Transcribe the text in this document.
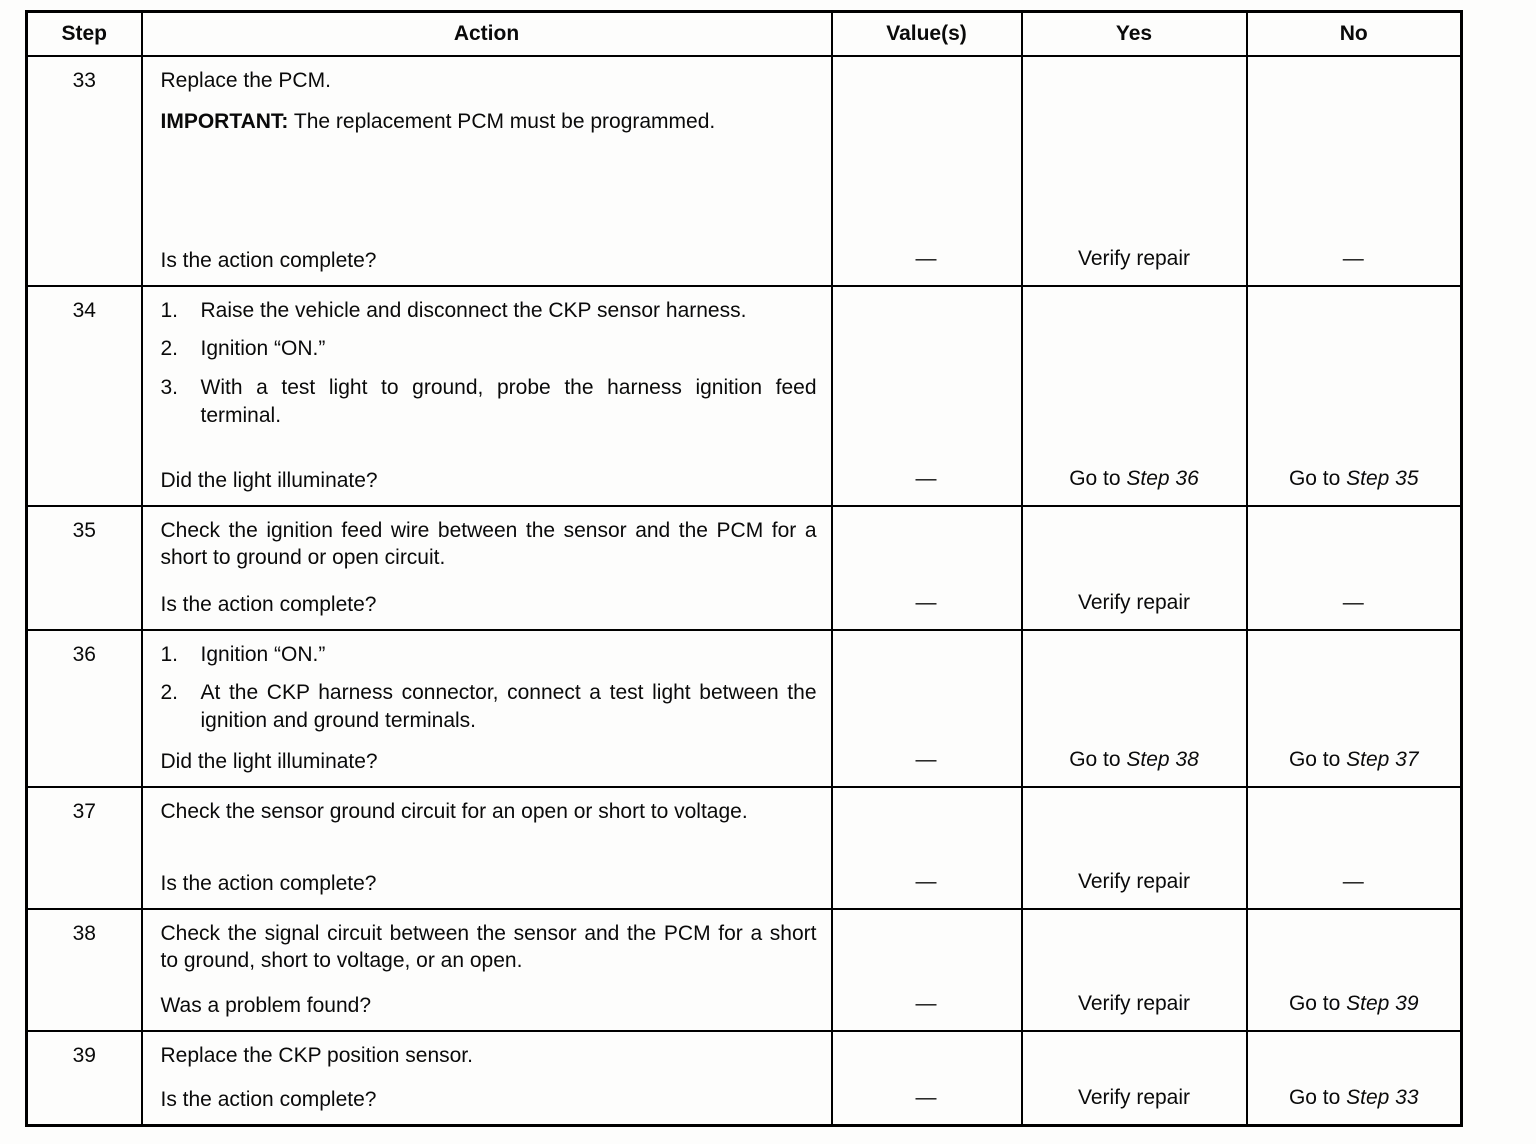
Step	Action	Value(s)	Yes	No
33	Replace the PCM.
IMPORTANT: The replacement PCM must be programmed.
Is the action complete?	—	Verify repair	—
34	1.	Raise the vehicle and disconnect the CKP sensor harness.
2.	Ignition “ON.”
3.	With a test light to ground, probe the harness ignition feed terminal.
Did the light illuminate?	—	Go to Step 36	Go to Step 35
35	Check the ignition feed wire between the sensor and the PCM for a short to ground or open circuit.
Is the action complete?	—	Verify repair	—
36	1. Ignition “ON.”
2. At the CKP harness connector, connect a test light between the ignition and ground terminals.
Did the light illuminate?	—	Go to Step 38	Go to Step 37
37	Check the sensor ground circuit for an open or short to voltage.
Is the action complete?	—	Verify repair	—
38	Check the signal circuit between the sensor and the PCM for a short to ground, short to voltage, or an open.
Was a problem found?	—	Verify repair	Go to Step 39
39	Replace the CKP position sensor.
Is the action complete?	—	Verify repair	Go to Step 33
